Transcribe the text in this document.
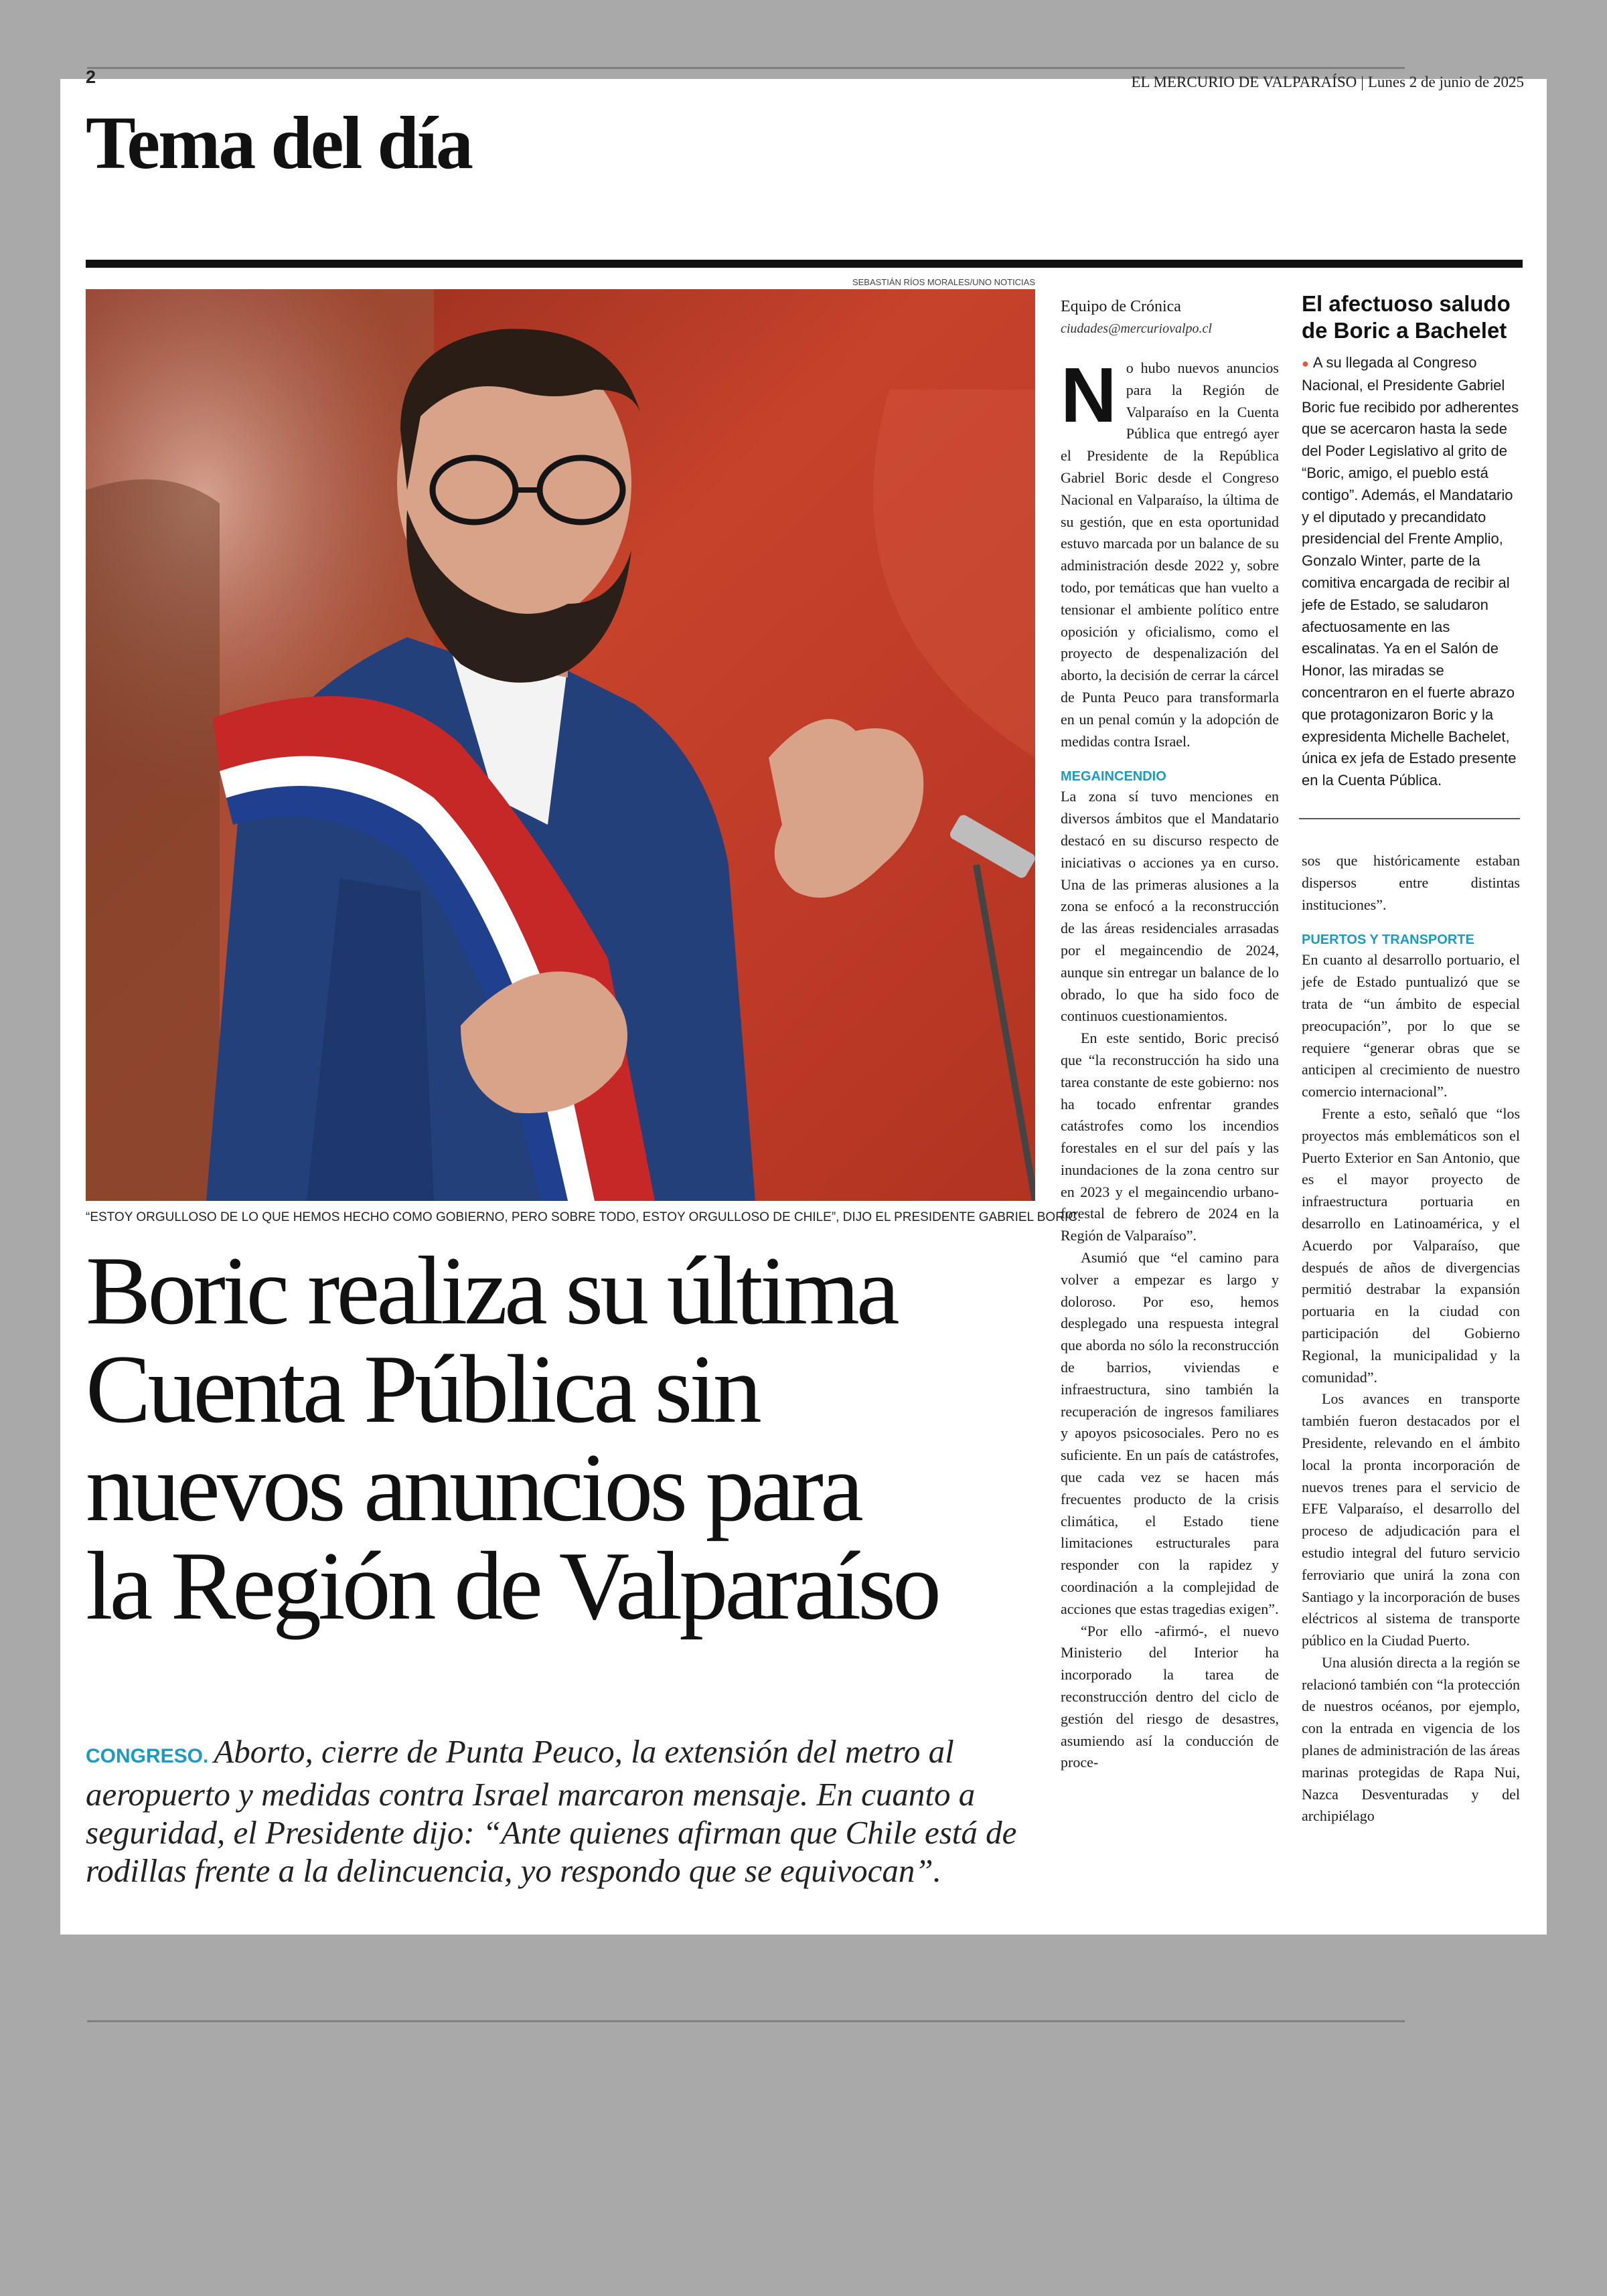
2	EL MERCURIO DE VALPARAÍSO | Lunes 2 de junio de 2025
Tema del día
SEBASTIÁN RÍOS MORALES/UNO NOTICIAS
“ESTOY ORGULLOSO DE LO QUE HEMOS HECHO COMO GOBIERNO, PERO SOBRE TODO, ESTOY ORGULLOSO DE CHILE”, DIJO EL PRESIDENTE GABRIEL BORIC.
Boric realiza su última
Cuenta Pública sin
nuevos anuncios para
la Región de Valparaíso
CONGRESO. Aborto, cierre de Punta Peuco, la extensión del metro al aeropuerto y medidas contra Israel marcaron mensaje. En cuanto a seguridad, el Presidente dijo: “Ante quienes afirman que Chile está de rodillas frente a la delincuencia, yo respondo que se equivocan”.
Equipo de Crónica
ciudades@mercuriovalpo.cl

No hubo nuevos anuncios para la Región de Valparaíso en la Cuenta Pública que entregó ayer el Presidente de la República Gabriel Boric desde el Congreso Nacional en Valparaíso, la última de su gestión, que en esta oportunidad estuvo marcada por un balance de su administración desde 2022 y, sobre todo, por temáticas que han vuelto a tensionar el ambiente político entre oposición y oficialismo, como el proyecto de despenalización del aborto, la decisión de cerrar la cárcel de Punta Peuco para transformarla en un penal común y la adopción de medidas contra Israel.

MEGAINCENDIO

La zona sí tuvo menciones en diversos ámbitos que el Mandatario destacó en su discurso respecto de iniciativas o acciones ya en curso. Una de las primeras alusiones a la zona se enfocó a la reconstrucción de las áreas residenciales arrasadas por el megaincendio de 2024, aunque sin entregar un balance de lo obrado, lo que ha sido foco de continuos cuestionamientos.

En este sentido, Boric precisó que “la reconstrucción ha sido una tarea constante de este gobierno: nos ha tocado enfrentar grandes catástrofes como los incendios forestales en el sur del país y las inundaciones de la zona centro sur en 2023 y el megaincendio urbano-forestal de febrero de 2024 en la Región de Valparaíso”.

Asumió que “el camino para volver a empezar es largo y doloroso. Por eso, hemos desplegado una respuesta integral que aborda no sólo la reconstrucción de barrios, viviendas e infraestructura, sino también la recuperación de ingresos familiares y apoyos psicosociales. Pero no es suficiente. En un país de catástrofes, que cada vez se hacen más frecuentes producto de la crisis climática, el Estado tiene limitaciones estructurales para responder con la rapidez y coordinación a la complejidad de acciones que estas tragedias exigen”.

“Por ello -afirmó-, el nuevo Ministerio del Interior ha incorporado la tarea de reconstrucción dentro del ciclo de gestión del riesgo de desastres, asumiendo así la conducción de proce-

El afectuoso saludo de Boric a Bachelet

● A su llegada al Congreso Nacional, el Presidente Gabriel Boric fue recibido por adherentes que se acercaron hasta la sede del Poder Legislativo al grito de “Boric, amigo, el pueblo está contigo”. Además, el Mandatario y el diputado y precandidato presidencial del Frente Amplio, Gonzalo Winter, parte de la comitiva encargada de recibir al jefe de Estado, se saludaron afectuosamente en las escalinatas. Ya en el Salón de Honor, las miradas se concentraron en el fuerte abrazo que protagonizaron Boric y la expresidenta Michelle Bachelet, única ex jefa de Estado presente en la Cuenta Pública.

sos que históricamente estaban dispersos entre distintas instituciones”.

PUERTOS Y TRANSPORTE

En cuanto al desarrollo portuario, el jefe de Estado puntualizó que se trata de “un ámbito de especial preocupación”, por lo que se requiere “generar obras que se anticipen al crecimiento de nuestro comercio internacional”.

Frente a esto, señaló que “los proyectos más emblemáticos son el Puerto Exterior en San Antonio, que es el mayor proyecto de infraestructura portuaria en desarrollo en Latinoamérica, y el Acuerdo por Valparaíso, que después de años de divergencias permitió destrabar la expansión portuaria en la ciudad con participación del Gobierno Regional, la municipalidad y la comunidad”.

Los avances en transporte también fueron destacados por el Presidente, relevando en el ámbito local la pronta incorporación de nuevos trenes para el servicio de EFE Valparaíso, el desarrollo del proceso de adjudicación para el estudio integral del futuro servicio ferroviario que unirá la zona con Santiago y la incorporación de buses eléctricos al sistema de transporte público en la Ciudad Puerto.

Una alusión directa a la región se relacionó también con “la protección de nuestros océanos, por ejemplo, con la entrada en vigencia de los planes de administración de las áreas marinas protegidas de Rapa Nui, Nazca Desventuradas y del archipiélago
